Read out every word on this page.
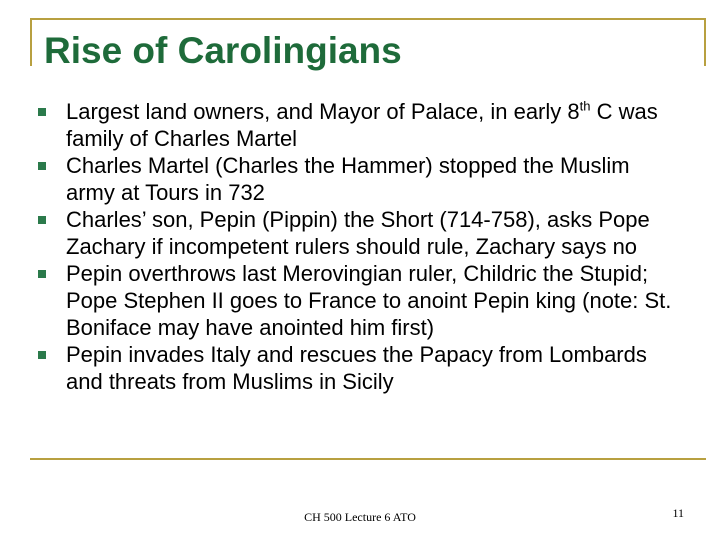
Rise of Carolingians
Largest land owners, and Mayor of Palace, in early 8th C was family of Charles Martel
Charles Martel (Charles the Hammer) stopped the Muslim army at Tours in 732
Charles’ son, Pepin (Pippin) the Short (714-758), asks Pope Zachary if incompetent rulers should rule, Zachary says no
Pepin overthrows last Merovingian ruler, Childric the Stupid; Pope Stephen II goes to France to anoint Pepin king (note: St. Boniface may have anointed him first)
Pepin invades Italy and rescues the Papacy from Lombards and threats from Muslims in Sicily
CH 500 Lecture 6 ATO	11
